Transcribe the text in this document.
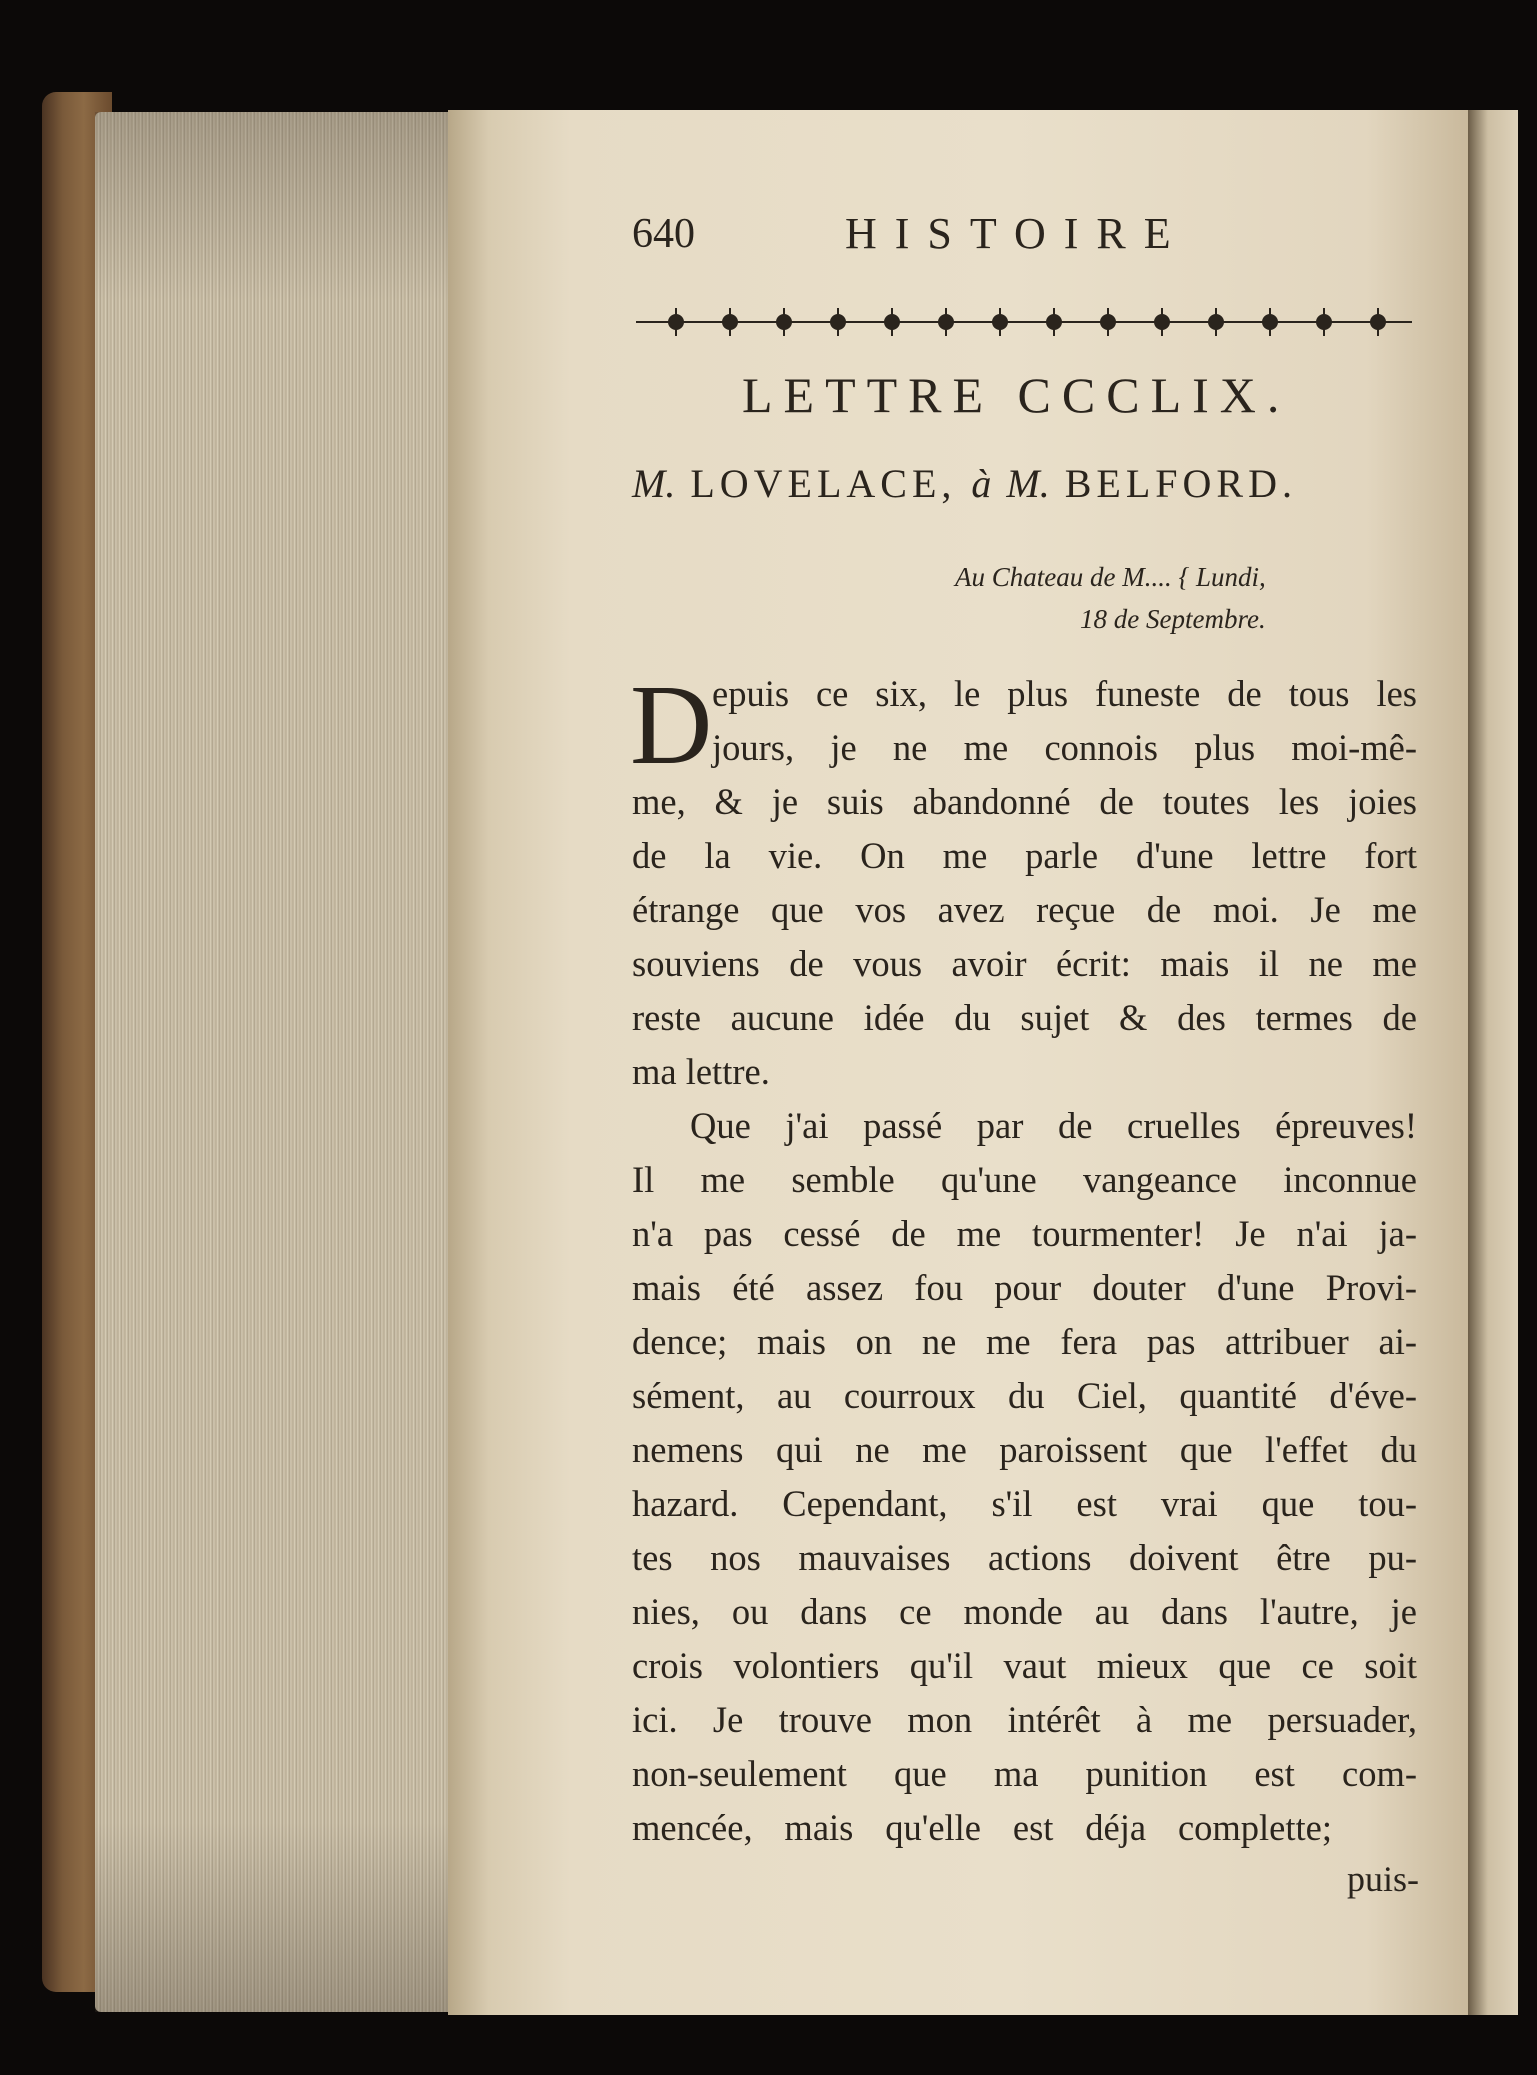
640	HISTOIRE
LETTRE CCCLIX.
M. LOVELACE, à M. BELFORD.
Au Chateau de M.... { Lundi,
18 de Septembre.
D epuis ce six, le plus funeste de tous les
jours, je ne me connois plus moi-mê-
me, & je suis abandonné de toutes les joies
de la vie. On me parle d'une lettre fort
étrange que vos avez reçue de moi. Je me
souviens de vous avoir écrit: mais il ne me
reste aucune idée du sujet & des termes de
ma lettre.
Que j'ai passé par de cruelles épreuves!
Il me semble qu'une vangeance inconnue
n'a pas cessé de me tourmenter! Je n'ai ja-
mais été assez fou pour douter d'une Provi-
dence; mais on ne me fera pas attribuer ai-
sément, au courroux du Ciel, quantité d'éve-
nemens qui ne me paroissent que l'effet du
hazard. Cependant, s'il est vrai que tou-
tes nos mauvaises actions doivent être pu-
nies, ou dans ce monde au dans l'autre, je
crois volontiers qu'il vaut mieux que ce soit
ici. Je trouve mon intérêt à me persuader,
non-seulement que ma punition est com-
mencée, mais qu'elle est déja complette;
puis-
